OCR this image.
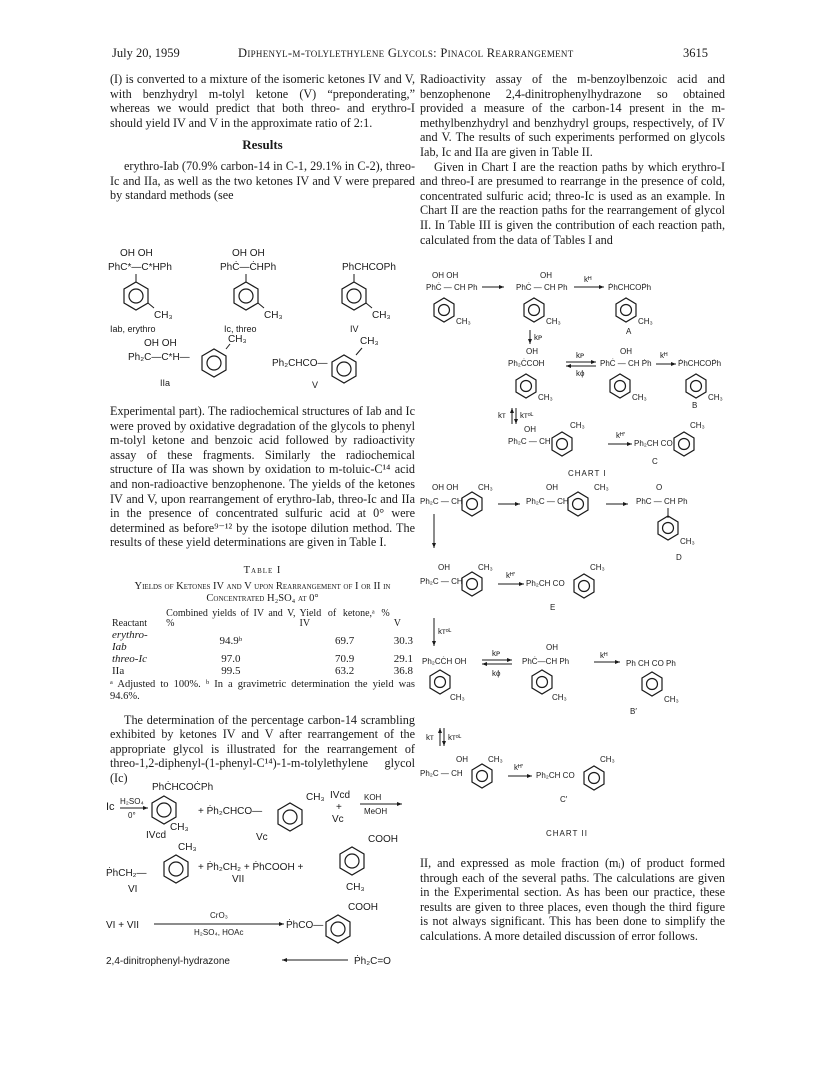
July 20, 1959	Diphenyl-m-tolylethylene Glycols: Pinacol Rearrangement	3615

(I) is converted to a mixture of the isomeric ketones IV and V, with benzhydryl m-tolyl ketone (V) “preponderating,” whereas we would predict that both threo- and erythro-I should yield IV and V in the approximate ratio of 2:1.

Results

erythro-Iab (70.9% carbon-14 in C-1, 29.1% in C-2), threo-Ic and IIa, as well as the two ketones IV and V were prepared by standard methods (see

OH OH
PhC*—C*HPh
CH₃
Iab, erythro
OH OH
PhĊ—ĊHPh
CH₃
Ic, threo
PhCHCOPh
CH₃
IV
OH OH
Ph₂C—C*H—
CH₃
IIa
Ph₂CHCO—
CH₃
V

Experimental part). The radiochemical structures of Iab and Ic were proved by oxidative degradation of the glycols to phenyl m-tolyl ketone and benzoic acid followed by radioactivity assay of these fragments. Similarly the radiochemical structure of IIa was shown by oxidation to m-toluic-C¹⁴ acid and non-radioactive benzophenone. The yields of the ketones IV and V, upon rearrangement of erythro-Iab, threo-Ic and IIa in the presence of concentrated sulfuric acid at 0° were determined as before⁹⁻¹² by the isotope dilution method. The results of these yield determinations are given in Table I.

Table I
Yields of Ketones IV and V upon Rearrangement of I or II in Concentrated H₂SO₄ at 0°
Reactant	Combined yields of IV and V, %	Yield of ketone,ᵃ % IV	V
erythro-Iab	94.9ᵇ	69.7	30.3
threo-Ic	97.0	70.9	29.1
IIa	99.5	63.2	36.8
ᵃ Adjusted to 100%. ᵇ In a gravimetric determination the yield was 94.6%.

The determination of the percentage carbon-14 scrambling exhibited by ketones IV and V after rearrangement of the appropriate glycol is illustrated for the rearrangement of threo-1,2-diphenyl-(1-phenyl-C¹⁴)-1-m-tolylethylene glycol (Ic)

PhĊHCOĊPh
Ic H₂SO₄
0°
CH₃
IVcd
+ Ṗh₂CHCO—
CH₃
Vc
IVcd
+
Vc
KOH
MeOH
ṖhCH₂—
CH₃
VI
+ Ṗh₂CH₂ + ṖhCOOH +
VII
COOH
CH₃
VI + VII
CrO₃
H₂SO₄, HOAc
ṖhCO—
COOH
2,4-dinitrophenyl-hydrazone	Ṗh₂C=O

Radioactivity assay of the m-benzoylbenzoic acid and benzophenone 2,4-dinitrophenylhydrazone so obtained provided a measure of the carbon-14 present in the m-methylbenzhydryl and benzhydryl groups, respectively, of IV and V. The results of such experiments performed on glycols Iab, Ic and IIa are given in Table II.

Given in Chart I are the reaction paths by which erythro-I and threo-I are presumed to rearrange in the presence of cold, concentrated sulfuric acid; threo-Ic is used as an example. In Chart II are the reaction paths for the rearrangement of glycol II. In Table III is given the contribution of each reaction path, calculated from the data of Tables I and

OH OH
PhĊ — CH Ph
CH₃
OH
PhĊ — CH Ph
CH₃
kᴴ
ṖhCHCOṖh
CH₃
A
kᴘ
OH
Ph₂ĊCOH
CH₃
kᴘ
kϕ
OH
PhĊ — CH Ṗh
CH₃
kᴴ
ṖhCHCOṖh
CH₃
B
kᴛ kᴛᵒᴸ
OH
Ph₂C — CH
CH₃
kᴴ'
Ph₂CH CO
CH₃
C
CHART I
OH OH
Ph₂C — CH
CH₃	OH
Ph₂C — CH
CH₃	O
PhC — CH Ph
CH₃
D
OH
Ph₂C — CH
CH₃
kᴴ'
Ph₂CH CO
CH₃
E
kᴛᵒᴸ
Ph₂CĊH OH
CH₃
kᴘ
kϕ
OH
PhĊ—CH Ph
CH₃
kᴴ
Ph CH CO Ph
CH₃
B′
kᴛ kᴛᵒᴸ
OH
Ph₂C — CH
CH₃
kᴴ'
Ph₂CH CO
CH₃
C′
CHART II

II, and expressed as mole fraction (mᵢ) of product formed through each of the several paths. The calculations are given in the Experimental section. As has been our practice, these results are given to three places, even though the third figure is not always significant. This has been done to simplify the calculations. A more detailed discussion of error follows.
